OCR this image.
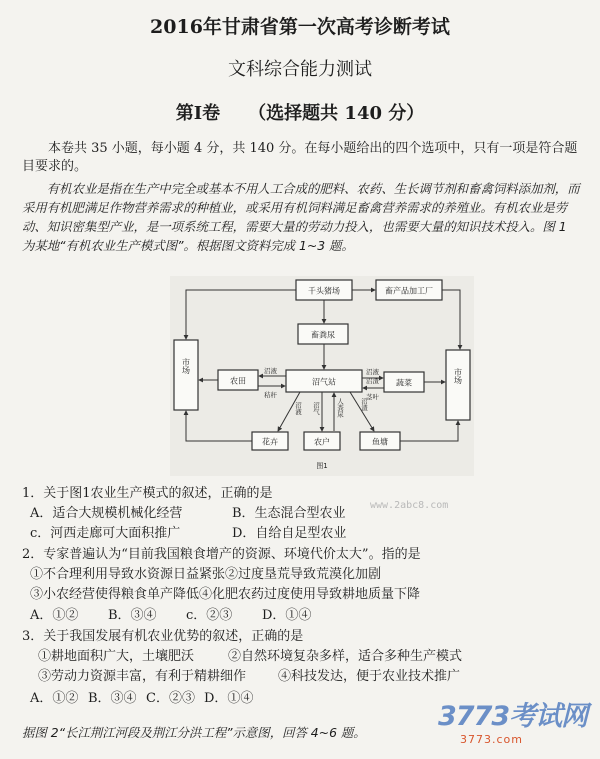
2016年甘肃省第一次高考诊断考试
文科综合能力测试
第Ⅰ卷 （选择题共 140 分）
本卷共 35 小题，每小题 4 分，共 140 分。在每小题给出的四个选项中，只有一项是符合题目要求的。
有机农业是指在生产中完全或基本不用人工合成的肥料、农药、生长调节剂和畜禽饲料添加剂，而采用有机肥满足作物营养需求的种植业，或采用有机饲料满足畜禽营养需求的养殖业。有机农业是劳动、知识密集型产业，是一项系统工程，需要大量的劳动力投入，也需要大量的知识技术投入。图 1 为某地“有机农业生产模式图”。根据图文资料完成 1~3 题。
千头猪场	畜产品加工厂
畜粪尿
市场
市场
农田	沼气站	蔬菜
花卉	农户	鱼塘
沼液
秸秆
沼液
沼渣
茎叶
沼液 沼气 人粪尿 沼渣
图1
www.2abc8.com
1．关于图1农业生产模式的叙述，正确的是
A．适合大规模机械化经营	B．生态混合型农业
c．河西走廊可大面积推广	D．自给自足型农业
2．专家普遍认为“目前我国粮食增产的资源、环境代价太大”。指的是
①不合理利用导致水资源日益紧张②过度垦荒导致荒漠化加剧
③小农经营使得粮食单产降低④化肥农药过度使用导致耕地质量下降
A．①② B．③④ c．②③ D．①④
3．关于我国发展有机农业优势的叙述，正确的是
①耕地面积广大，土壤肥沃	②自然环境复杂多样，适合多种生产模式
③劳动力资源丰富，有利于精耕细作 ④科技发达，便于农业技术推广
A．①② B．③④ C．②③ D．①④
据图 2“长江荆江河段及荆江分洪工程”示意图，回答 4~6 题。
3773考试网
3773.com
